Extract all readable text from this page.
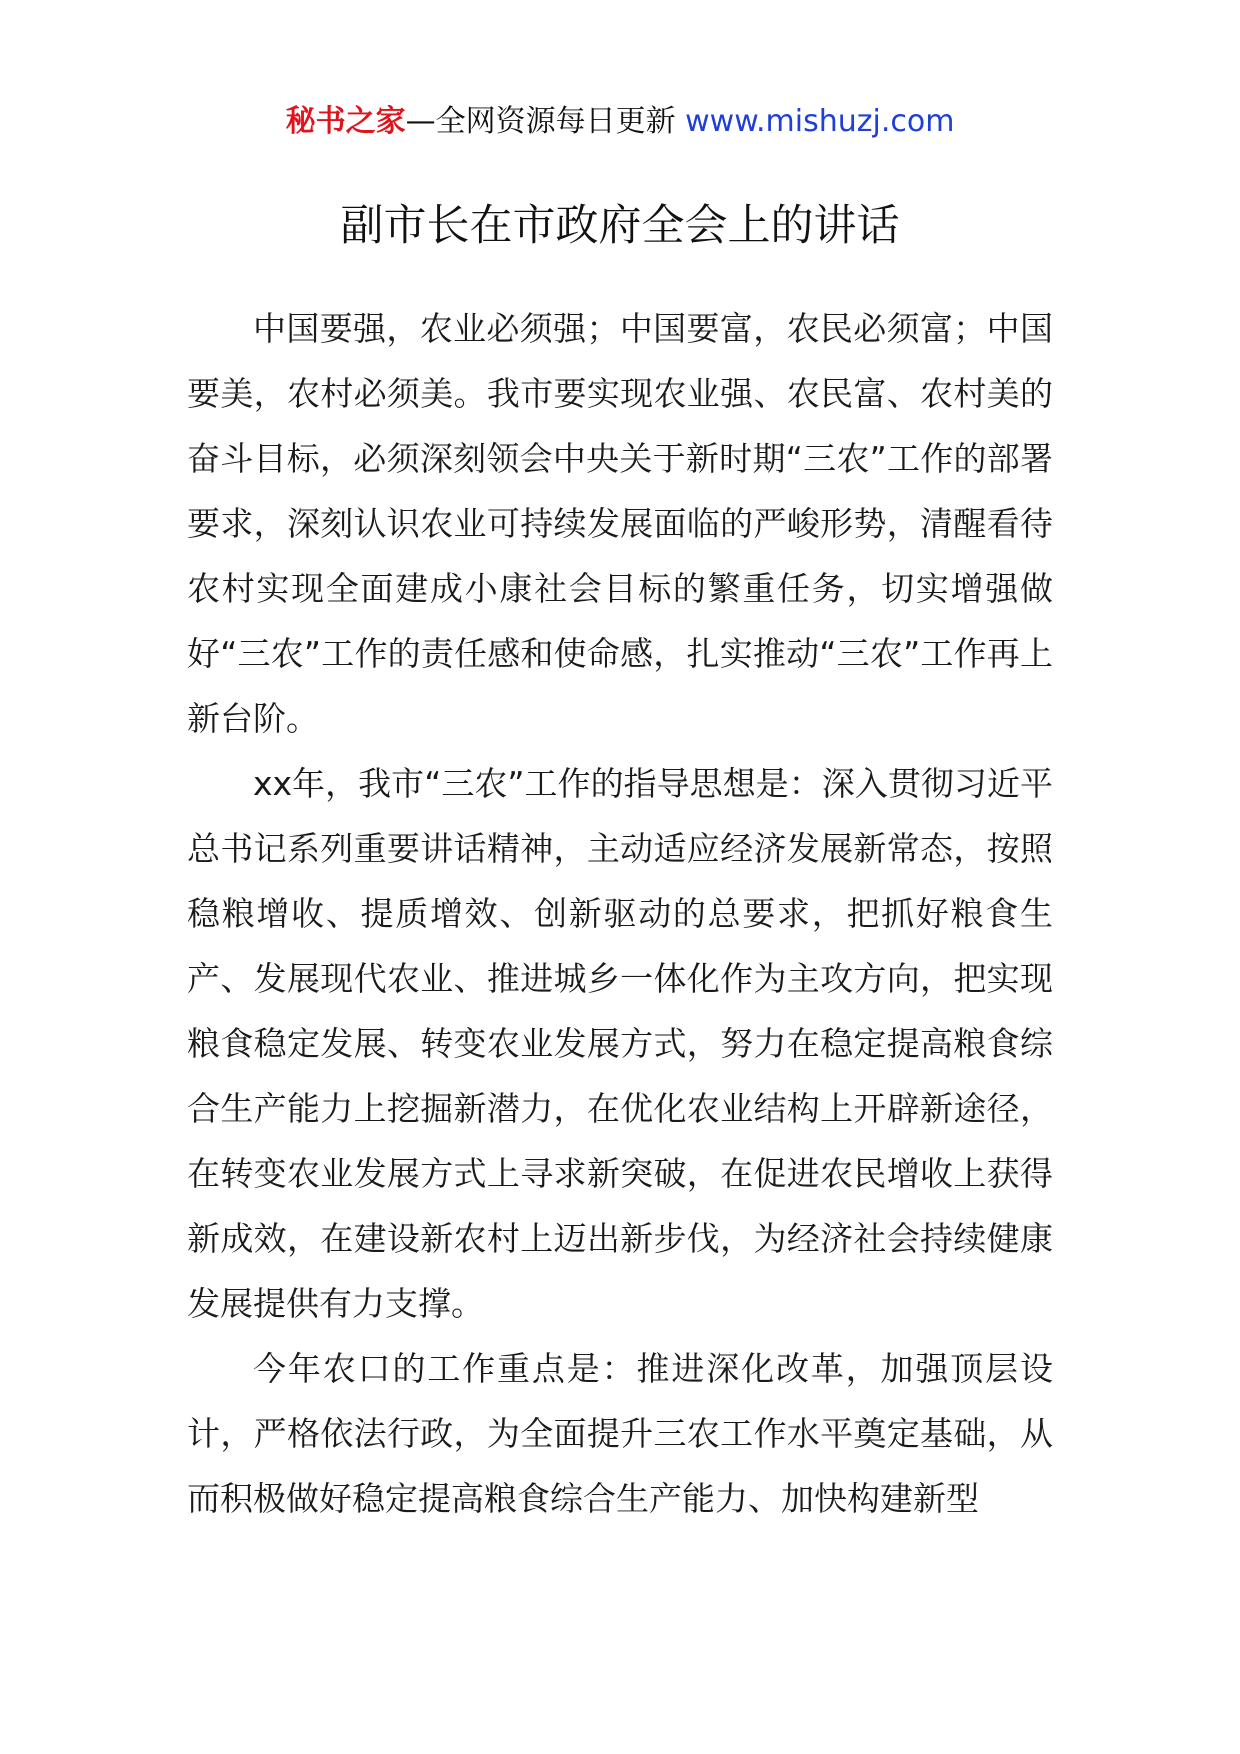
秘书之家—全网资源每日更新 www.mishuzj.com
副市长在市政府全会上的讲话

中国要强，农业必须强；中国要富，农民必须富；中国要美，农村必须美。我市要实现农业强、农民富、农村美的奋斗目标，必须深刻领会中央关于新时期“三农”工作的部署要求，深刻认识农业可持续发展面临的严峻形势，清醒看待农村实现全面建成小康社会目标的繁重任务，切实增强做好“三农”工作的责任感和使命感，扎实推动“三农”工作再上新台阶。

xx年，我市“三农”工作的指导思想是：深入贯彻习近平总书记系列重要讲话精神，主动适应经济发展新常态，按照稳粮增收、提质增效、创新驱动的总要求，把抓好粮食生产、发展现代农业、推进城乡一体化作为主攻方向，把实现粮食稳定发展、转变农业发展方式，努力在稳定提高粮食综合生产能力上挖掘新潜力，在优化农业结构上开辟新途径，在转变农业发展方式上寻求新突破，在促进农民增收上获得新成效，在建设新农村上迈出新步伐，为经济社会持续健康发展提供有力支撑。

今年农口的工作重点是：推进深化改革，加强顶层设计，严格依法行政，为全面提升三农工作水平奠定基础，从而积极做好稳定提高粮食综合生产能力、加快构建新型
